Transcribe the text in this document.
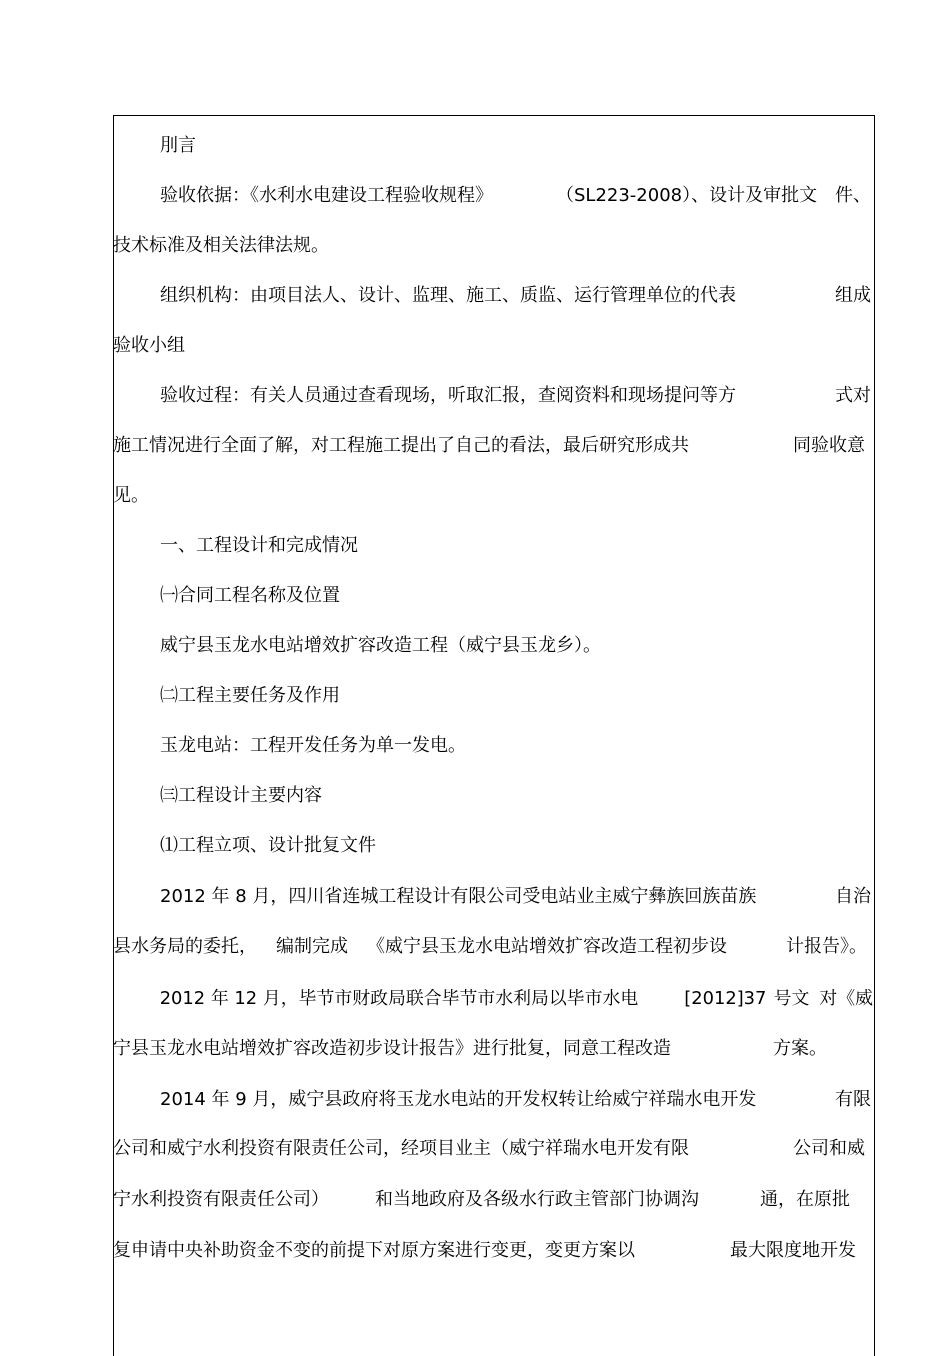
刖言
验收依据：《水利水电建设工程验收规程》	（SL223-2008）、设计及审批文 件、
技术标准及相关法律法规。
组织机构：由项目法人、设计、监理、施工、质监、运行管理单位的代表	组成
验收小组
验收过程：有关人员通过查看现场，听取汇报，查阅资料和现场提问等方	式对
施工情况进行全面了解，对工程施工提出了自己的看法，最后研究形成共	同验收意
见。
一、工程设计和完成情况
㈠合同工程名称及位置
威宁县玉龙水电站增效扩容改造工程（威宁县玉龙乡）。
㈡工程主要任务及作用
玉龙电站：工程开发任务为单一发电。
㈢工程设计主要内容
⑴工程立项、设计批复文件
2012 年 8 月，四川省连城工程设计有限公司受电站业主威宁彝族回族苗族	自治
县水务局的委托， 编制完成 《威宁县玉龙水电站增效扩容改造工程初步设	计报告》。
2012 年 12 月，毕节市财政局联合毕节市水利局以毕市水电	[2012]37 号文 对《威
宁县玉龙水电站增效扩容改造初步设计报告》进行批复，同意工程改造	方案。
2014 年 9 月，威宁县政府将玉龙水电站的开发权转让给威宁祥瑞水电开发	有限
公司和威宁水利投资有限责任公司，经项目业主（威宁祥瑞水电开发有限	公司和威
宁水利投资有限责任公司）	和当地政府及各级水行政主管部门协调沟	通，在原批
复申请中央补助资金不变的前提下对原方案进行变更，变更方案以	最大限度地开发
